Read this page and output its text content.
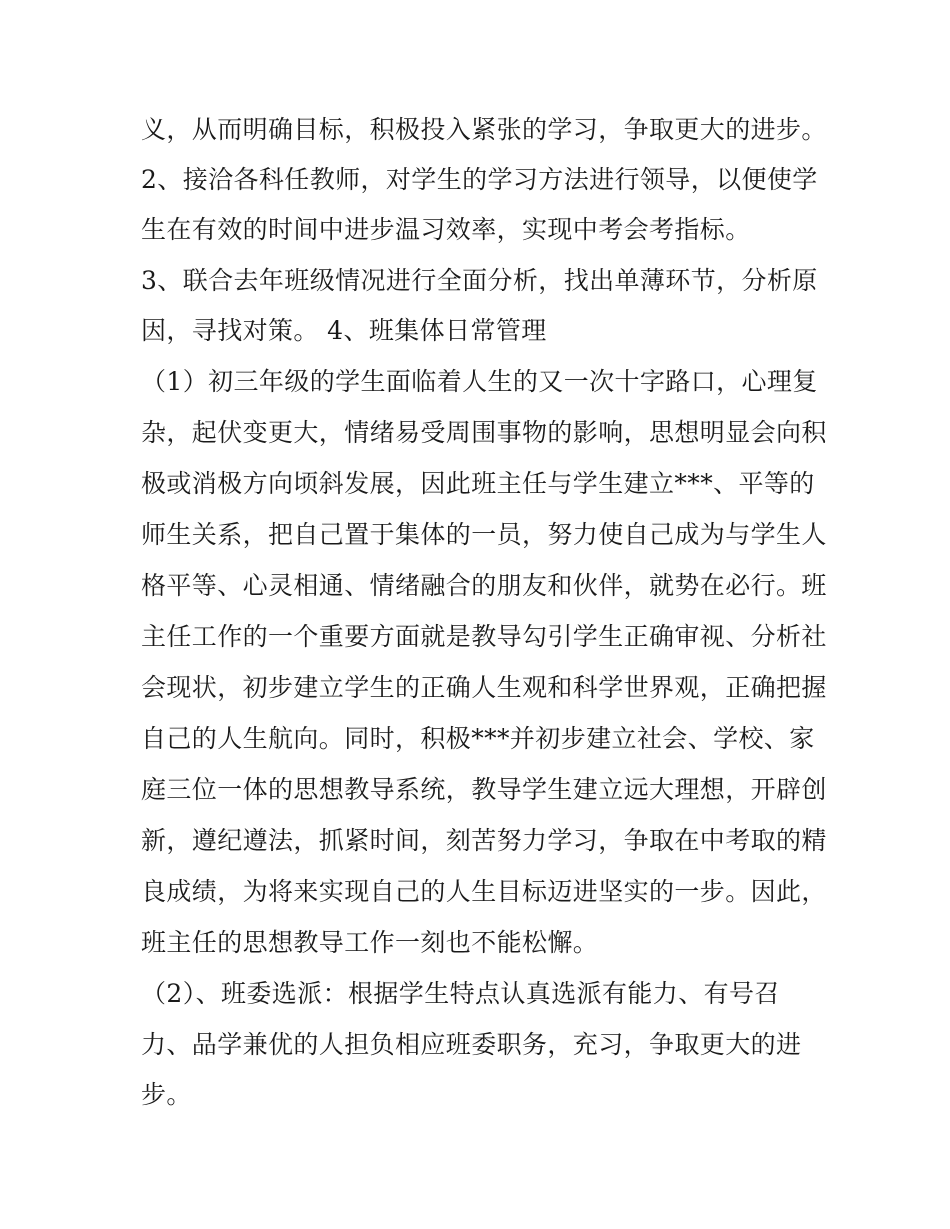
义，从而明确目标，积极投入紧张的学习，争取更大的进步。
2、接洽各科任教师，对学生的学习方法进行领导，以便使学
生在有效的时间中进步温习效率，实现中考会考指标。
3、联合去年班级情况进行全面分析，找出单薄环节，分析原
因，寻找对策。 4、班集体日常管理
（1）初三年级的学生面临着人生的又一次十字路口，心理复
杂，起伏变更大，情绪易受周围事物的影响，思想明显会向积
极或消极方向顷斜发展，因此班主任与学生建立***、平等的
师生关系，把自己置于集体的一员，努力使自己成为与学生人
格平等、心灵相通、情绪融合的朋友和伙伴，就势在必行。班
主任工作的一个重要方面就是教导勾引学生正确审视、分析社
会现状，初步建立学生的正确人生观和科学世界观，正确把握
自己的人生航向。同时，积极***并初步建立社会、学校、家
庭三位一体的思想教导系统，教导学生建立远大理想，开辟创
新，遵纪遵法，抓紧时间，刻苦努力学习，争取在中考取的精
良成绩，为将来实现自己的人生目标迈进坚实的一步。因此，
班主任的思想教导工作一刻也不能松懈。
（2）、班委选派：根据学生特点认真选派有能力、有号召
力、品学兼优的人担负相应班委职务，充习，争取更大的进
步。
